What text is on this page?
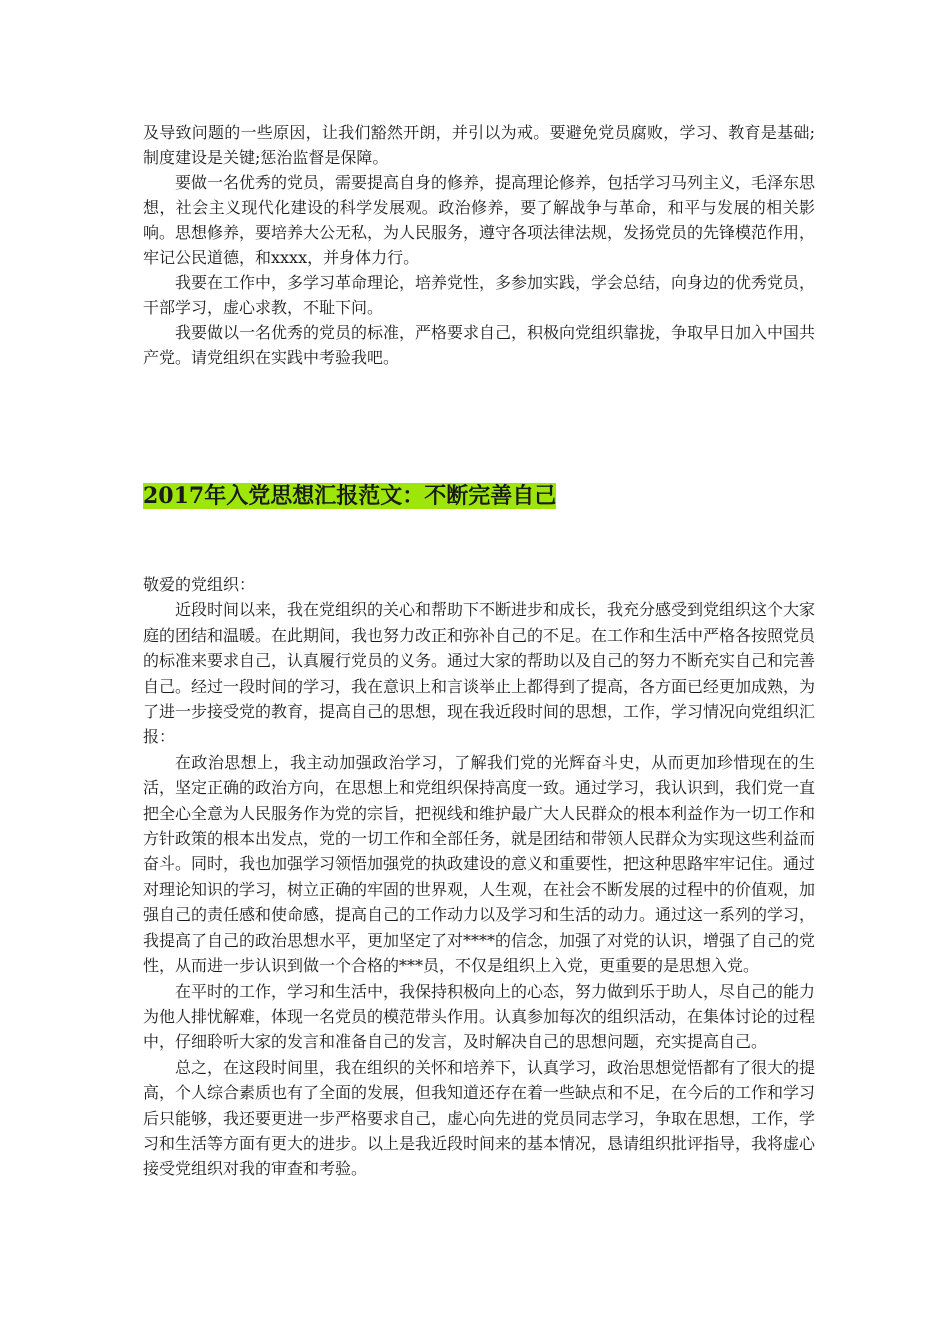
及导致问题的一些原因，让我们豁然开朗，并引以为戒。要避免党员腐败，学习、教育是基础;制度建设是关键;惩治监督是保障。

要做一名优秀的党员，需要提高自身的修养，提高理论修养，包括学习马列主义，毛泽东思想，社会主义现代化建设的科学发展观。政治修养，要了解战争与革命，和平与发展的相关影响。思想修养，要培养大公无私，为人民服务，遵守各项法律法规，发扬党员的先锋模范作用，牢记公民道德，和xxxx，并身体力行。

我要在工作中，多学习革命理论，培养党性，多参加实践，学会总结，向身边的优秀党员，干部学习，虚心求教，不耻下问。

我要做以一名优秀的党员的标准，严格要求自己，积极向党组织靠拢，争取早日加入中国共产党。请党组织在实践中考验我吧。

2017年入党思想汇报范文：不断完善自己

敬爱的党组织：

近段时间以来，我在党组织的关心和帮助下不断进步和成长，我充分感受到党组织这个大家庭的团结和温暖。在此期间，我也努力改正和弥补自己的不足。在工作和生活中严格各按照党员的标准来要求自己，认真履行党员的义务。通过大家的帮助以及自己的努力不断充实自己和完善自己。经过一段时间的学习，我在意识上和言谈举止上都得到了提高，各方面已经更加成熟，为了进一步接受党的教育，提高自己的思想，现在我近段时间的思想，工作，学习情况向党组织汇报：

在政治思想上，我主动加强政治学习，了解我们党的光辉奋斗史，从而更加珍惜现在的生活，坚定正确的政治方向，在思想上和党组织保持高度一致。通过学习，我认识到，我们党一直把全心全意为人民服务作为党的宗旨，把视线和维护最广大人民群众的根本利益作为一切工作和方针政策的根本出发点，党的一切工作和全部任务，就是团结和带领人民群众为实现这些利益而奋斗。同时，我也加强学习领悟加强党的执政建设的意义和重要性，把这种思路牢牢记住。通过对理论知识的学习，树立正确的牢固的世界观，人生观，在社会不断发展的过程中的价值观，加强自己的责任感和使命感，提高自己的工作动力以及学习和生活的动力。通过这一系列的学习，我提高了自己的政治思想水平，更加坚定了对****的信念，加强了对党的认识，增强了自己的党性，从而进一步认识到做一个合格的***员，不仅是组织上入党，更重要的是思想入党。

在平时的工作，学习和生活中，我保持积极向上的心态，努力做到乐于助人，尽自己的能力为他人排忧解难，体现一名党员的模范带头作用。认真参加每次的组织活动，在集体讨论的过程中，仔细聆听大家的发言和准备自己的发言，及时解决自己的思想问题，充实提高自己。

总之，在这段时间里，我在组织的关怀和培养下，认真学习，政治思想觉悟都有了很大的提高，个人综合素质也有了全面的发展，但我知道还存在着一些缺点和不足，在今后的工作和学习后只能够，我还要更进一步严格要求自己，虚心向先进的党员同志学习，争取在思想，工作，学习和生活等方面有更大的进步。以上是我近段时间来的基本情况，恳请组织批评指导，我将虚心接受党组织对我的审查和考验。
